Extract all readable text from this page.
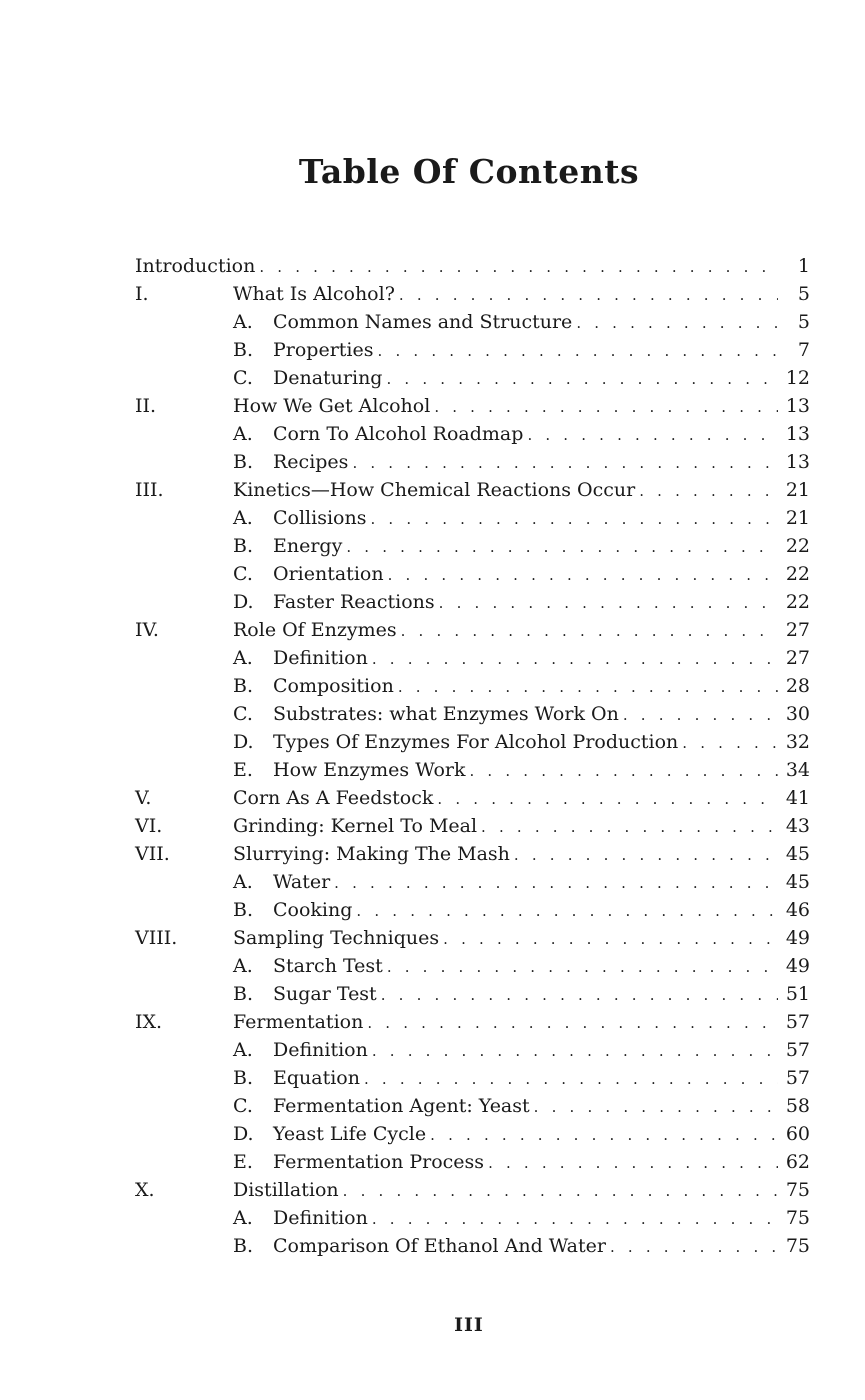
Table Of Contents
Introduction . . .	1
I.	What Is Alcohol? . . .	5
A.	Common Names and Structure . . .	5
B.	Properties . . .	7
C.	Denaturing . . .	12
II.	How We Get Alcohol . . .	13
A.	Corn To Alcohol Roadmap . . .	13
B.	Recipes . . .	13
III.	Kinetics—How Chemical Reactions Occur . . .	21
A.	Collisions . . .	21
B.	Energy . . .	22
C.	Orientation . . .	22
D.	Faster Reactions . . .	22
IV.	Role Of Enzymes . . .	27
A.	Definition . . .	27
B.	Composition . . .	28
C.	Substrates: what Enzymes Work On . . .	30
D.	Types Of Enzymes For Alcohol Production . . .	32
E.	How Enzymes Work . . .	34
V.	Corn As A Feedstock . . .	41
VI.	Grinding: Kernel To Meal . . .	43
VII.	Slurrying: Making The Mash . . .	45
A.	Water . . .	45
B.	Cooking . . .	46
VIII.	Sampling Techniques . . .	49
A.	Starch Test . . .	49
B.	Sugar Test . . .	51
IX.	Fermentation . . .	57
A.	Definition . . .	57
B.	Equation . . .	57
C.	Fermentation Agent: Yeast . . .	58
D.	Yeast Life Cycle . . .	60
E.	Fermentation Process . . .	62
X.	Distillation . . .	75
A.	Definition . . .	75
B.	Comparison Of Ethanol And Water . . .	75
III
